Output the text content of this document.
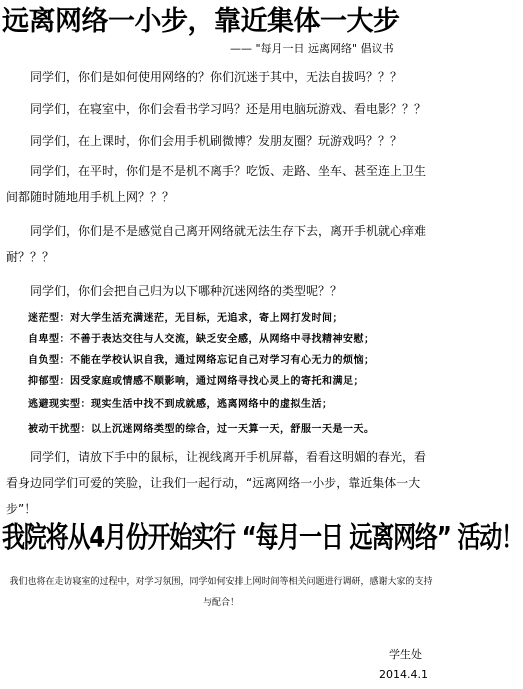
远离网络一小步，靠近集体一大步
—— "每月一日 远离网络" 倡议书
同学们，你们是如何使用网络的？你们沉迷于其中，无法自拔吗？？？
同学们，在寝室中，你们会看书学习吗？还是用电脑玩游戏、看电影？？？
同学们，在上课时，你们会用手机刷微博？发朋友圈？玩游戏吗？？？
同学们，在平时，你们是不是机不离手？吃饭、走路、坐车、甚至连上卫生间都随时随地用手机上网？？？
同学们，你们是不是感觉自己离开网络就无法生存下去，离开手机就心痒难耐？？？
同学们，你们会把自己归为以下哪种沉迷网络的类型呢？？
迷茫型：对大学生活充满迷茫，无目标，无追求，寄上网打发时间；
自卑型：不善于表达交往与人交流，缺乏安全感，从网络中寻找精神安慰；
自负型：不能在学校认识自我，通过网络忘记自己对学习有心无力的烦恼；
抑郁型：因受家庭或情感不顺影响，通过网络寻找心灵上的寄托和满足；
逃避现实型：现实生活中找不到成就感，逃离网络中的虚拟生活；
被动干扰型：以上沉迷网络类型的综合，过一天算一天，舒服一天是一天。
同学们，请放下手中的鼠标，让视线离开手机屏幕，看看这明媚的春光，看看身边同学们可爱的笑脸，让我们一起行动，“远离网络一小步，靠近集体一大步”！
我院将从4月份开始实行 “每月一日 远离网络” 活动！
我们也将在走访寝室的过程中，对学习氛围，同学如何安排上网时间等相关问题进行调研，感谢大家的支持与配合！
学生处
2014.4.1
